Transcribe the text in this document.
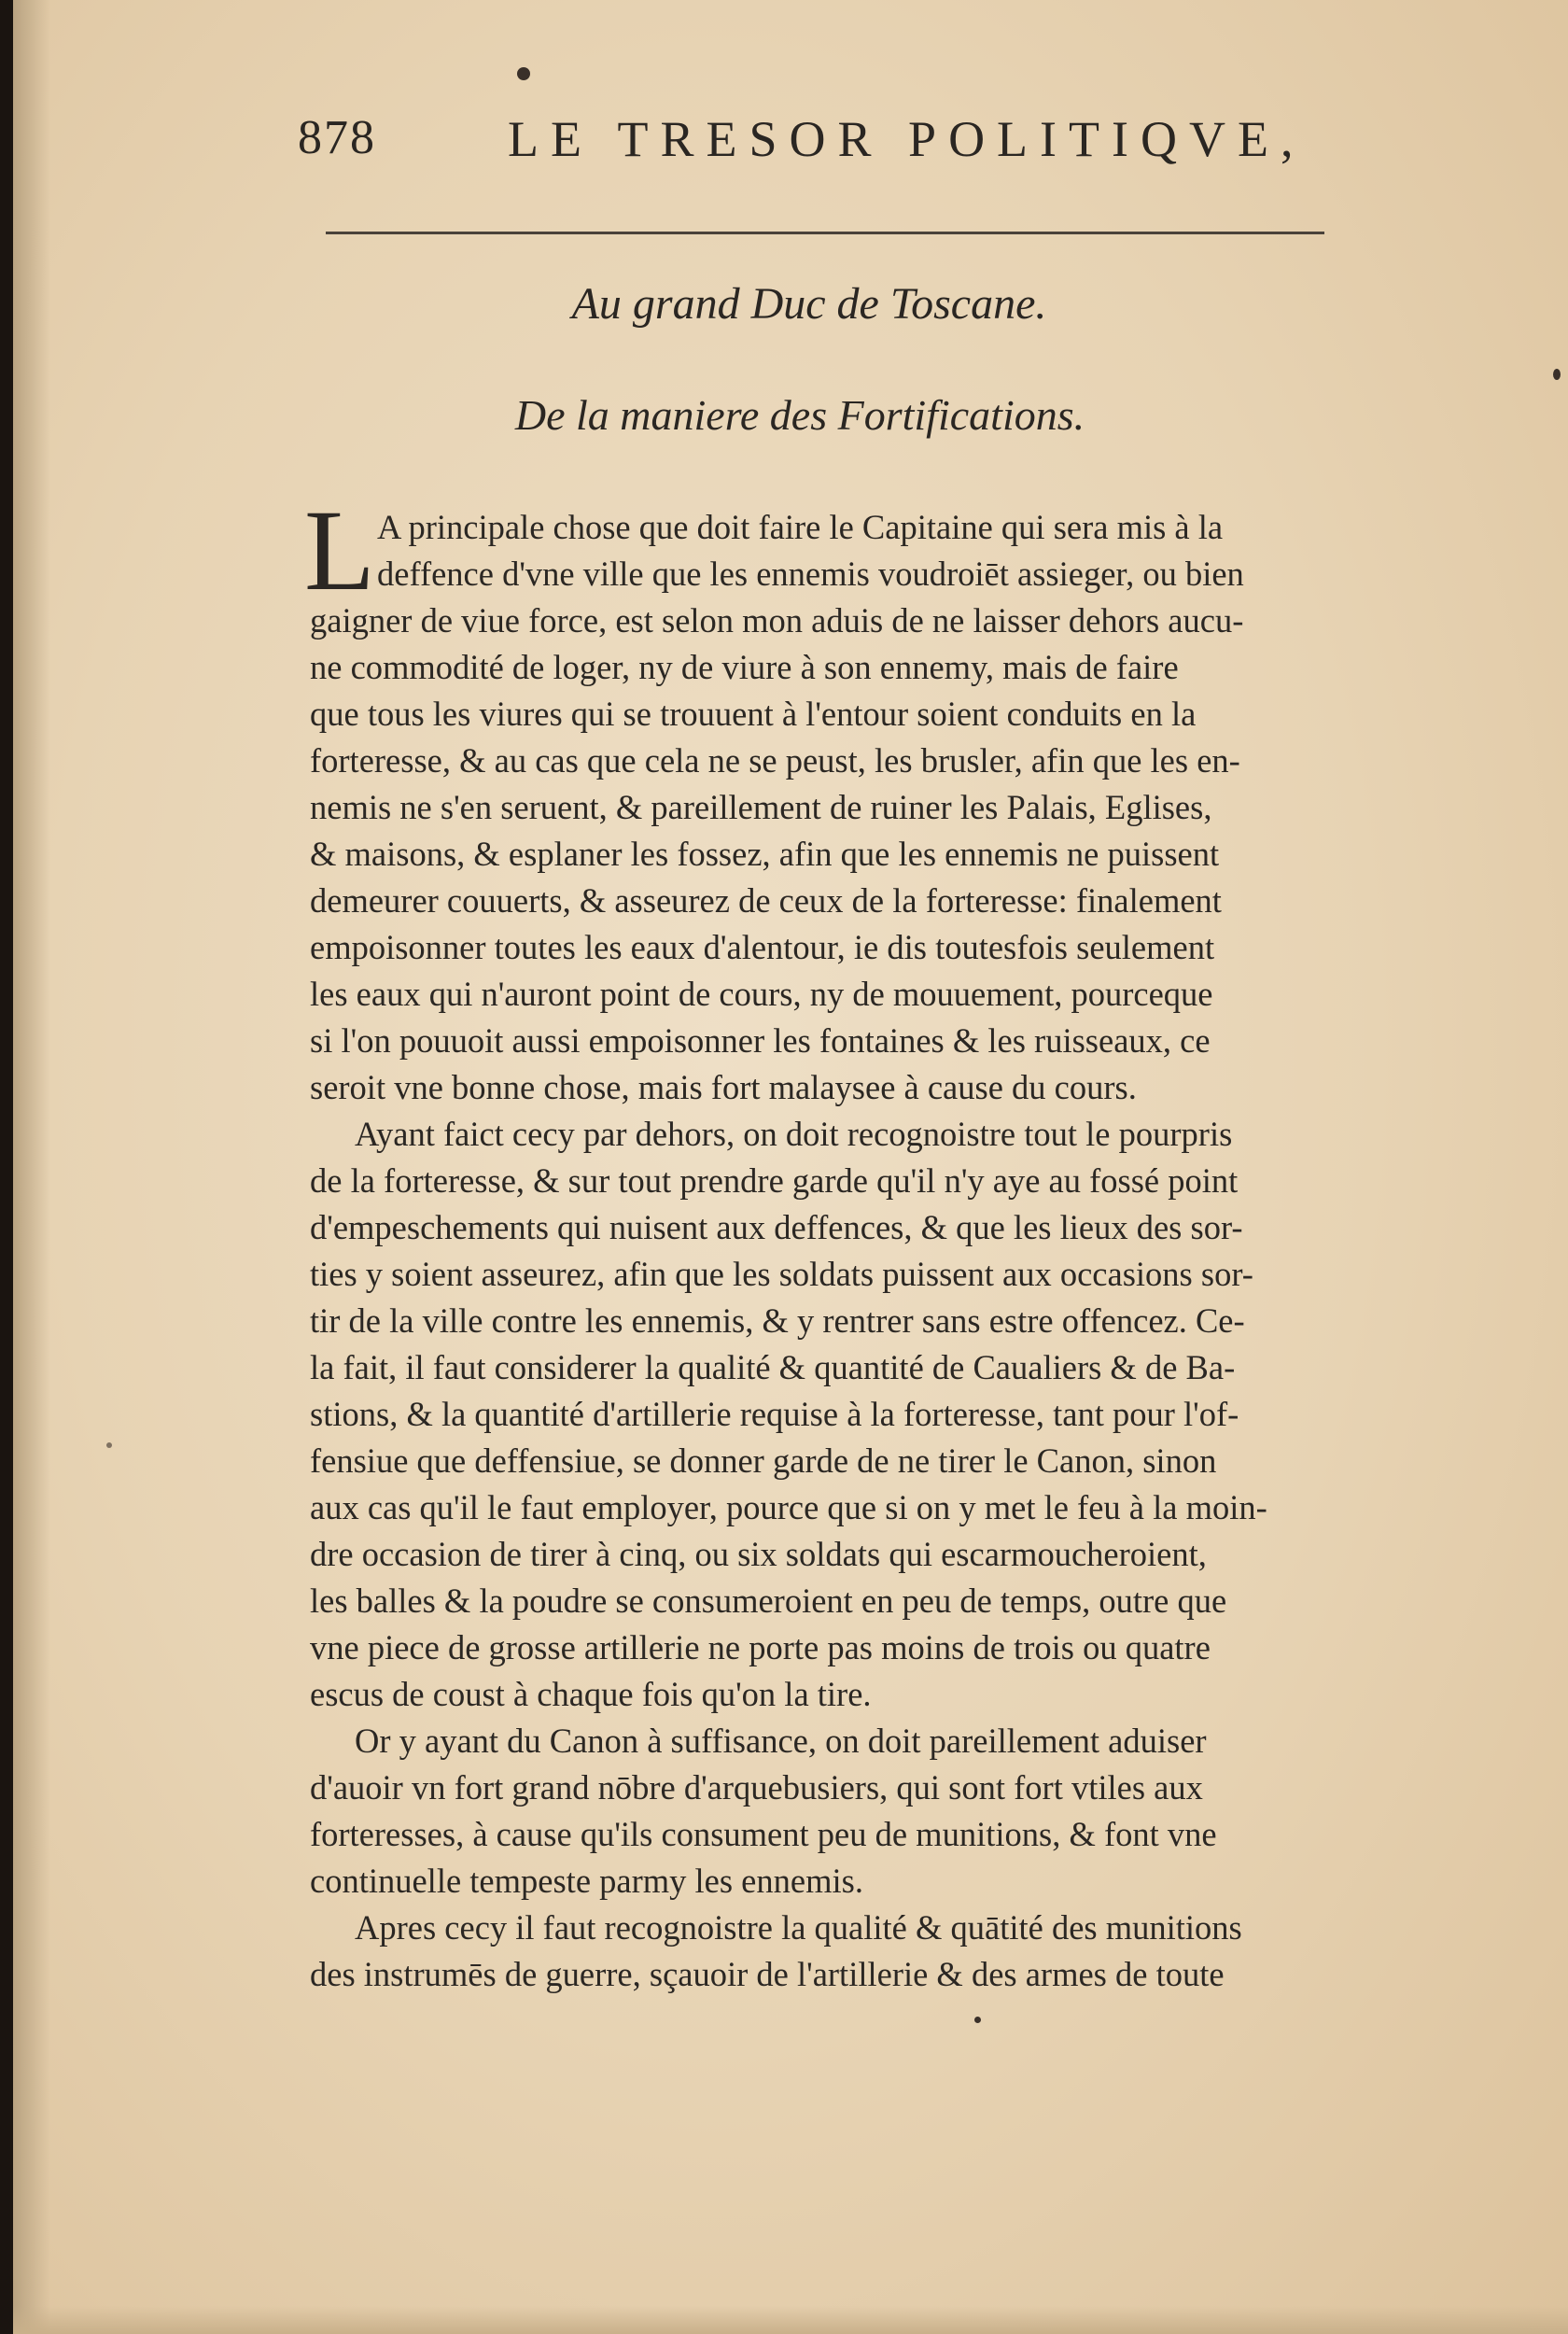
878	LE TRESOR POLITIQVE,
Au grand Duc de Toscane.
De la maniere des Fortifications.
L A principale chose que doit faire le Capitaine qui sera mis à la
deffence d'vne ville que les ennemis voudroiēt assieger, ou bien
gaigner de viue force, est selon mon aduis de ne laisser dehors aucu-
ne commodité de loger, ny de viure à son ennemy, mais de faire
que tous les viures qui se trouuent à l'entour soient conduits en la
forteresse, & au cas que cela ne se peust, les brusler, afin que les en-
nemis ne s'en seruent, & pareillement de ruiner les Palais, Eglises,
& maisons, & esplaner les fossez, afin que les ennemis ne puissent
demeurer couuerts, & asseurez de ceux de la forteresse: finalement
empoisonner toutes les eaux d'alentour, ie dis toutesfois seulement
les eaux qui n'auront point de cours, ny de mouuement, pourceque
si l'on pouuoit aussi empoisonner les fontaines & les ruisseaux, ce
seroit vne bonne chose, mais fort malaysee à cause du cours.
Ayant faict cecy par dehors, on doit recognoistre tout le pourpris
de la forteresse, & sur tout prendre garde qu'il n'y aye au fossé point
d'empeschements qui nuisent aux deffences, & que les lieux des sor-
ties y soient asseurez, afin que les soldats puissent aux occasions sor-
tir de la ville contre les ennemis, & y rentrer sans estre offencez. Ce-
la fait, il faut considerer la qualité & quantité de Caualiers & de Ba-
stions, & la quantité d'artillerie requise à la forteresse, tant pour l'of-
fensiue que deffensiue, se donner garde de ne tirer le Canon, sinon
aux cas qu'il le faut employer, pource que si on y met le feu à la moin-
dre occasion de tirer à cinq, ou six soldats qui escarmoucheroient,
les balles & la poudre se consumeroient en peu de temps, outre que
vne piece de grosse artillerie ne porte pas moins de trois ou quatre
escus de coust à chaque fois qu'on la tire.
Or y ayant du Canon à suffisance, on doit pareillement aduiser
d'auoir vn fort grand nōbre d'arquebusiers, qui sont fort vtiles aux
forteresses, à cause qu'ils consument peu de munitions, & font vne
continuelle tempeste parmy les ennemis.
Apres cecy il faut recognoistre la qualité & quātité des munitions
des instrumēs de guerre, sçauoir de l'artillerie & des armes de toute
